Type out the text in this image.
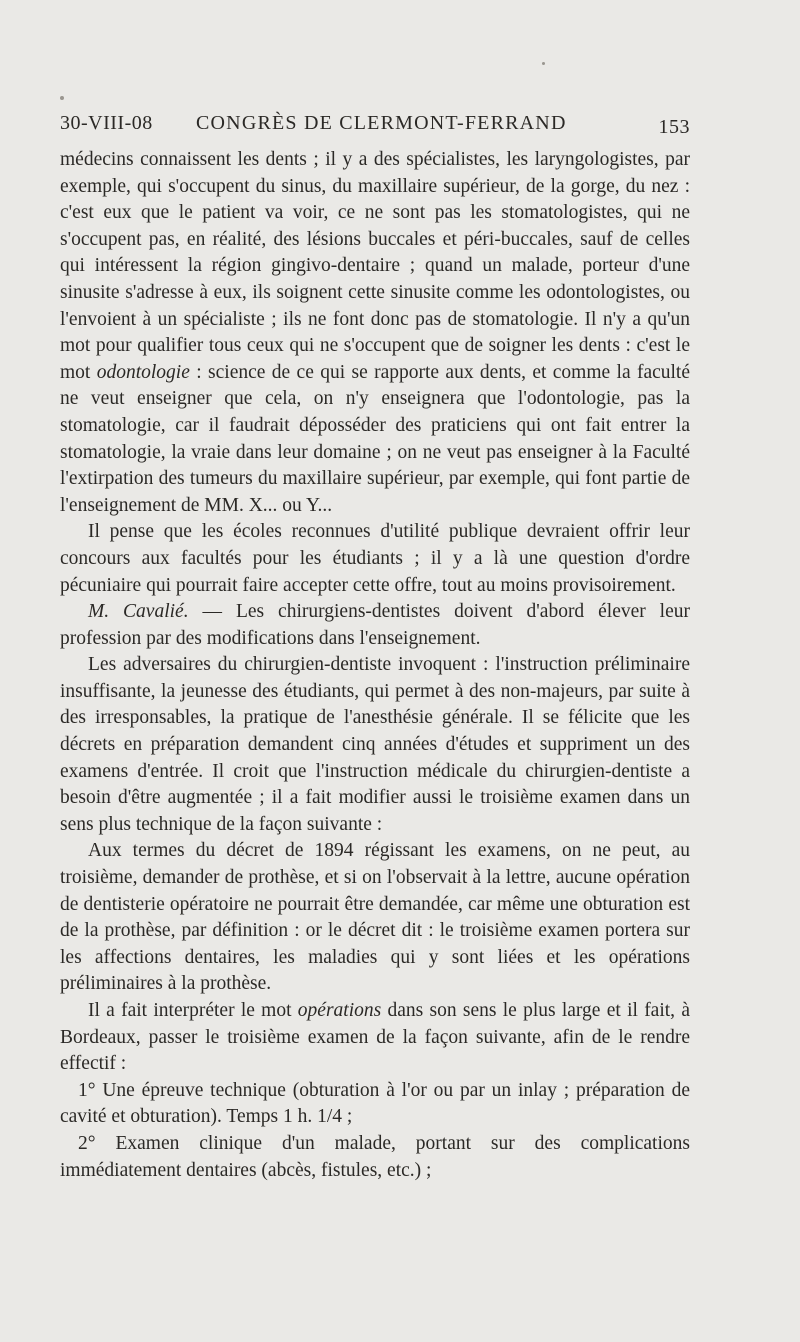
30-VIII-08 CONGRÈS DE CLERMONT-FERRAND	153

médecins connaissent les dents ; il y a des spécialistes, les laryngologistes, par exemple, qui s'occupent du sinus, du maxillaire supérieur, de la gorge, du nez : c'est eux que le patient va voir, ce ne sont pas les stomatologistes, qui ne s'occupent pas, en réalité, des lésions buccales et péri-buccales, sauf de celles qui intéressent la région gingivo-dentaire ; quand un malade, porteur d'une sinusite s'adresse à eux, ils soignent cette sinusite comme les odontologistes, ou l'envoient à un spécialiste ; ils ne font donc pas de stomatologie. Il n'y a qu'un mot pour qualifier tous ceux qui ne s'occupent que de soigner les dents : c'est le mot odontologie : science de ce qui se rapporte aux dents, et comme la faculté ne veut enseigner que cela, on n'y enseignera que l'odontologie, pas la stomatologie, car il faudrait déposséder des praticiens qui ont fait entrer la stomatologie, la vraie dans leur domaine ; on ne veut pas enseigner à la Faculté l'extirpation des tumeurs du maxillaire supérieur, par exemple, qui font partie de l'enseignement de MM. X... ou Y...

Il pense que les écoles reconnues d'utilité publique devraient offrir leur concours aux facultés pour les étudiants ; il y a là une question d'ordre pécuniaire qui pourrait faire accepter cette offre, tout au moins provisoirement.

M. Cavalié. — Les chirurgiens-dentistes doivent d'abord élever leur profession par des modifications dans l'enseignement.

Les adversaires du chirurgien-dentiste invoquent : l'instruction préliminaire insuffisante, la jeunesse des étudiants, qui permet à des non-majeurs, par suite à des irresponsables, la pratique de l'anesthésie générale. Il se félicite que les décrets en préparation demandent cinq années d'études et suppriment un des examens d'entrée. Il croit que l'instruction médicale du chirurgien-dentiste a besoin d'être augmentée ; il a fait modifier aussi le troisième examen dans un sens plus technique de la façon suivante :

Aux termes du décret de 1894 régissant les examens, on ne peut, au troisième, demander de prothèse, et si on l'observait à la lettre, aucune opération de dentisterie opératoire ne pourrait être demandée, car même une obturation est de la prothèse, par définition : or le décret dit : le troisième examen portera sur les affections dentaires, les maladies qui y sont liées et les opérations préliminaires à la prothèse.

Il a fait interpréter le mot opérations dans son sens le plus large et il fait, à Bordeaux, passer le troisième examen de la façon suivante, afin de le rendre effectif :

1° Une épreuve technique (obturation à l'or ou par un inlay ; préparation de cavité et obturation). Temps 1 h. 1/4 ;

2° Examen clinique d'un malade, portant sur des complications immédiatement dentaires (abcès, fistules, etc.) ;
